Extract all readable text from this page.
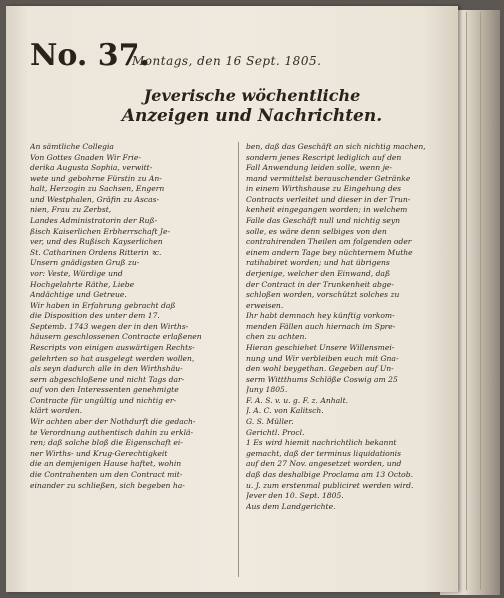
No. 37.
Montags, den 16 Sept. 1805.
Jeverische wöchentliche
Anzeigen und Nachrichten.
An sämtliche Collegia
Von Gottes Gnaden Wir Frie-
derika Augusta Sophia, verwitt-
wete und gebohrne Fürstin zu An-
halt, Herzogin zu Sachsen, Engern
und Westphalen, Gräfin zu Ascas-
nien, Frau zu Zerbst,
Landes Administratorin der Ruß-
ßisch Kaiserlichen Erbherrschaft Je-
ver, und des Rußisch Kayserlichen
St. Catharinen Ordens Ritterin ꝛc.
Unsern gnädigsten Gruß zu-
vor: Veste, Würdige und
Hochgelahrte Räthe, Liebe
Andächtige und Getreue.
Wir haben in Erfahrung gebracht daß
die Disposition des unter dem 17.
Septemb. 1743 wegen der in den Wirths-
häusern geschlossenen Contracte erlaßenen
Rescripts von einigen auswärtigen Rechts-
gelehrten so hat ausgelegt werden wollen,
als seyn dadurch alle in den Wirthshäu-
sern abgeschloßene und nicht Tags dar-
auf von den Interessenten genehmigte
Contracte für ungültig und nichtig er-
klärt worden.
Wir achten aber der Nothdurft die gedach-
te Verordnung authentisch dahin zu erklä-
ren; daß solche bloß die Eigenschaft ei-
ner Wirths- und Krug-Gerechtigkeit
die an demjenigen Hause haftet, wohin
die Contrahenten um den Contract mit-
einander zu schließen, sich begeben ha-
ben, daß das Geschäft an sich nichtig machen,
sondern jenes Rescript lediglich auf den
Fall Anwendung leiden solle, wenn je-
mand vermittelst berauschender Getränke
in einem Wirthshause zu Eingehung des
Contracts verleitet und dieser in der Trun-
kenheit eingegangen worden; in welchem
Falle das Geschäft null und nichtig seyn
solle, es wäre denn selbiges von den
contrahirenden Theilen am folgenden oder
einem andern Tage bey nüchternem Muthe
ratihabiret worden; und hat übrigens
derjenige, welcher den Einwand, daß
der Contract in der Trunkenheit abge-
schloßen worden, vorschützt solches zu
erweisen.
Ihr habt demnach hey künftig vorkom-
menden Fällen auch hiernach im Spre-
chen zu achten.
Hieran geschiehet Unsere Willensmei-
nung und Wir verbleiben euch mit Gna-
den wohl beygethan. Gegeben auf Un-
serm Wittthums Schlöße Coswig am 25
Juny 1805.
F. A. S. v. u. g. F. z. Anhalt.
J. A. C. von Kalitsch.
G. S. Müller.
Gerichtl. Procl.
1 Es wird hiemit nachrichtlich bekannt
gemacht, daß der terminus liquidationis
auf den 27 Nov. angesetzet worden, und
daß das deshalbige Proclama am 13 Octob.
u. J. zum erstenmal publiciret werden wird.
Jever den 10. Sept. 1805.
Aus dem Landgerichte.
